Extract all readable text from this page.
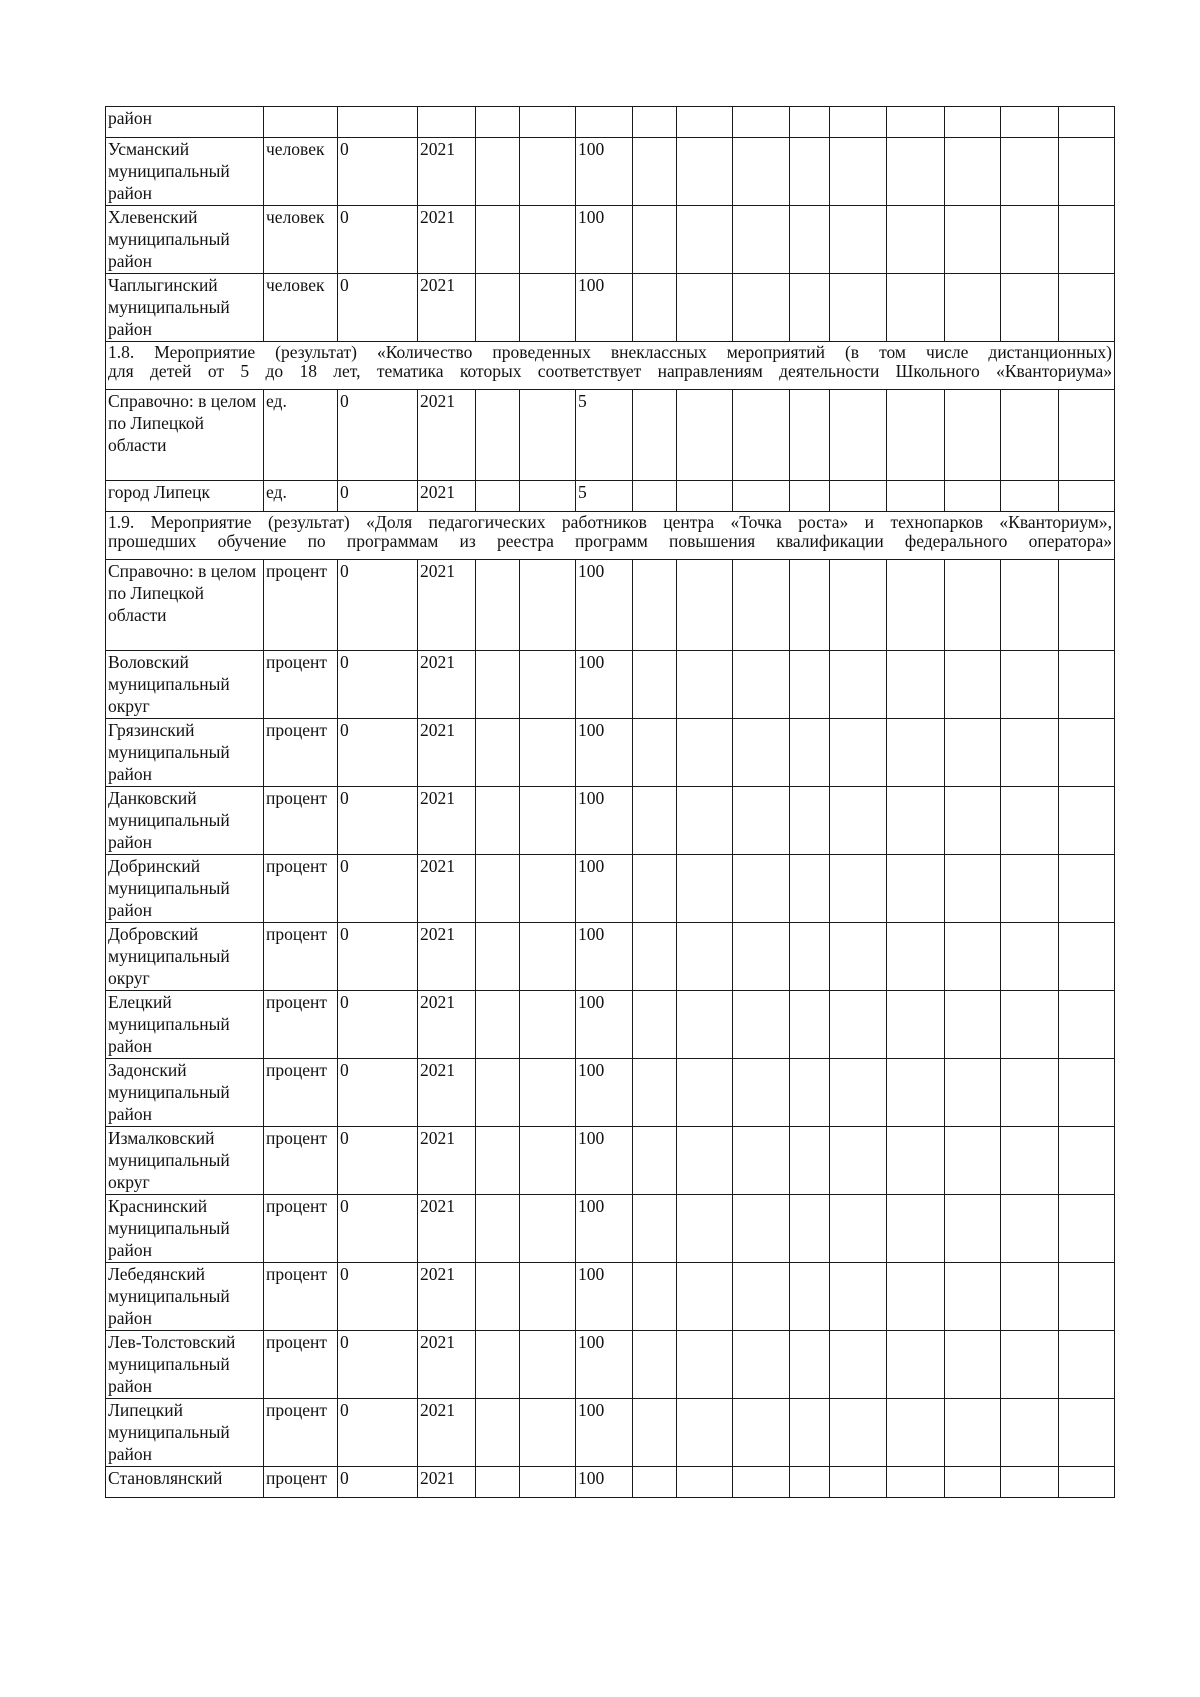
район															
Усманский муниципальный район	человек	0	2021			100									
Хлевенский муниципальный район	человек	0	2021			100									
Чаплыгинский муниципальный район	человек	0	2021			100									

1.8. Мероприятие (результат) «Количество проведенных внеклассных мероприятий (в том числе дистанционных)
для детей от 5 до 18 лет, тематика которых соответствует направлениям деятельности Школьного «Кванториума»															

Справочно: в целом по Липецкой области	ед.	0	2021			5									
город Липецк	ед.	0	2021			5									

1.9. Мероприятие (результат) «Доля педагогических работников центра «Точка роста» и технопарков «Кванториум»,
прошедших обучение по программам из реестра программ повышения квалификации федерального оператора»															

Справочно: в целом по Липецкой области	процент	0	2021			100									
Воловский муниципальный округ	процент	0	2021			100									
Грязинский муниципальный район	процент	0	2021			100									
Данковский муниципальный район	процент	0	2021			100									
Добринский муниципальный район	процент	0	2021			100									
Добровский муниципальный округ	процент	0	2021			100									
Елецкий муниципальный район	процент	0	2021			100									
Задонский муниципальный район	процент	0	2021			100									
Измалковский муниципальный округ	процент	0	2021			100									
Краснинский муниципальный район	процент	0	2021			100									
Лебедянский муниципальный район	процент	0	2021			100									
Лев-Толстовский муниципальный район	процент	0	2021			100									
Липецкий муниципальный район	процент	0	2021			100									
Становлянский	процент	0	2021			100									
